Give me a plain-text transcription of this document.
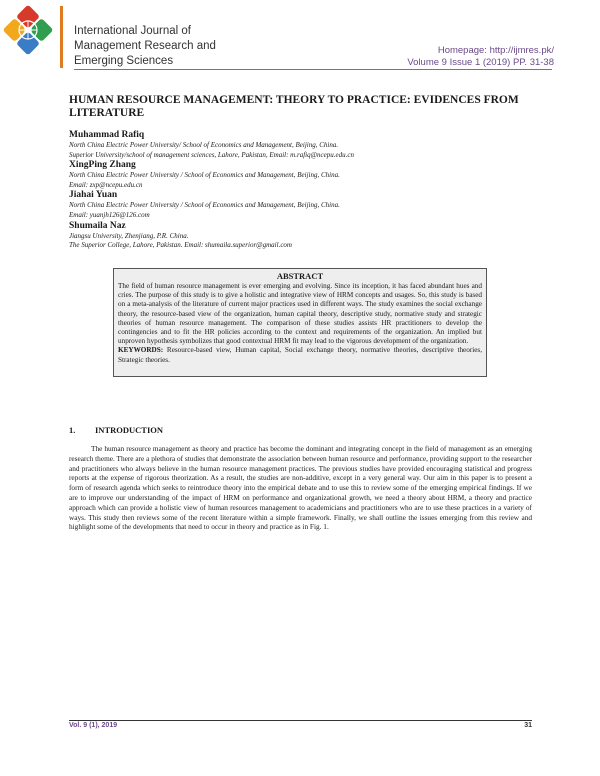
International Journal of
Management Research and
Emerging Sciences
Homepage: http://ijmres.pk/
Volume 9 Issue 1 (2019) PP. 31-38
HUMAN RESOURCE MANAGEMENT: THEORY TO PRACTICE: EVIDENCES FROM LITERATURE
Muhammad Rafiq
North China Electric Power University/ School of Economics and Management, Beijing, China.
Superior University/school of management sciences, Lahore, Pakistan, Email: m.rafiq@ncepu.edu.cn
XingPing Zhang
North China Electric Power University / School of Economics and Management, Beijing, China.
Email: zxp@ncepu.edu.cn
Jiahai Yuan
North China Electric Power University / School of Economics and Management, Beijing, China.
Email: yuanjh126@126.com
Shumaila Naz
Jiangsu University, Zhenjiang, P.R. China.
The Superior College, Lahore, Pakistan. Email: shumaila.superior@gmail.com
ABSTRACT
The field of human resource management is ever emerging and evolving. Since its inception, it has faced abundant hues and cries. The purpose of this study is to give a holistic and integrative view of HRM concepts and usages. So, this study is based on a meta-analysis of the literature of current major practices used in different ways. The study examines the social exchange theory, the resource-based view of the organization, human capital theory, descriptive study, normative study and strategic theories of human resource management. The comparison of these studies assists HR practitioners to develop the contingencies and to fit the HR policies according to the context and requirements of the organization. An implied but unproven hypothesis symbolizes that good contextual HRM fit may lead to the vigorous development of the organization.
KEYWORDS: Resource-based view, Human capital, Social exchange theory, normative theories, descriptive theories, Strategic theories.
1. INTRODUCTION
The human resource management as theory and practice has become the dominant and integrating concept in the field of management as an emerging research theme. There are a plethora of studies that demonstrate the association between human resource and performance, providing support to the researcher and practitioners who always believe in the human resource management practices. The previous studies have provided encouraging statistical and progress reports at the expense of rigorous theorization. As a result, the studies are non-additive, except in a very general way. Our aim in this paper is to present a form of research agenda which seeks to reintroduce theory into the empirical debate and to use this to review some of the emerging empirical findings. If we are to improve our understanding of the impact of HRM on performance and organizational growth, we need a theory about HRM, a theory and practice approach which can provide a holistic view of human resources management to academicians and practitioners who are to use these practices in a variety of ways. This study then reviews some of the recent literature within a simple framework. Finally, we shall outline the issues emerging from this review and highlight some of the developments that need to occur in theory and practice as in Fig. 1.
Vol. 9 (1), 2019	31
